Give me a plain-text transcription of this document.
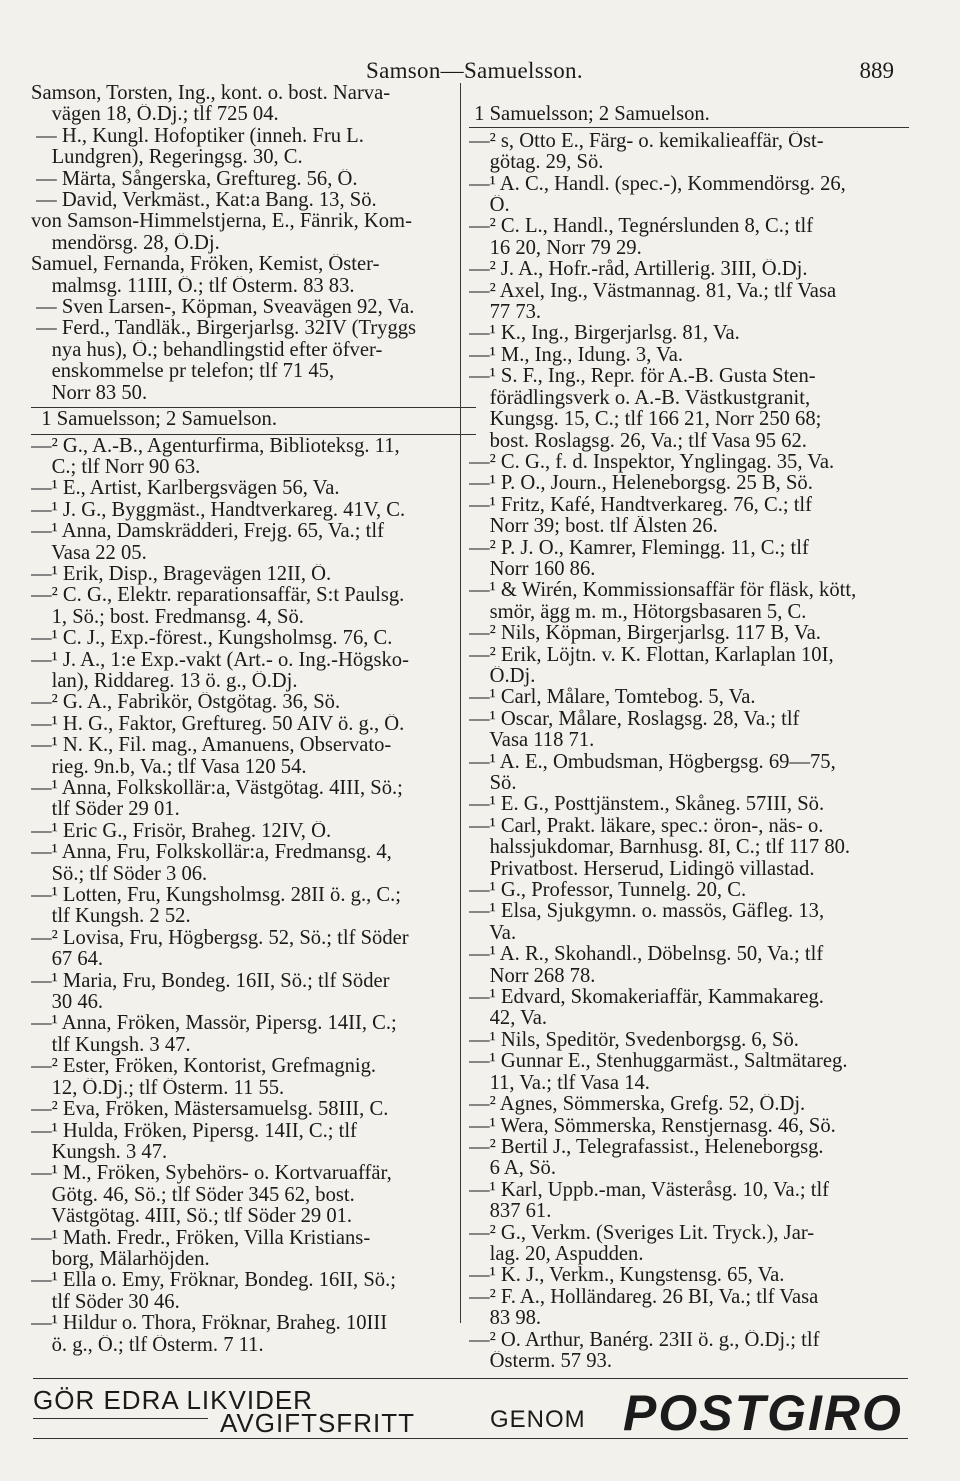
Samson—Samuelsson.	889
Samson, Torsten, Ing., kont. o. bost. Narva-
vägen 18, Ö.Dj.; tlf 725 04.
— H., Kungl. Hofoptiker (inneh. Fru L.
Lundgren), Regeringsg. 30, C.
— Märta, Sångerska, Greftureg. 56, Ö.
— David, Verkmäst., Kat:a Bang. 13, Sö.
von Samson-Himmelstjerna, E., Fänrik, Kom-
mendörsg. 28, Ö.Dj.
Samuel, Fernanda, Fröken, Kemist, Öster-
malmsg. 11III, Ö.; tlf Österm. 83 83.
— Sven Larsen-, Köpman, Sveavägen 92, Va.
— Ferd., Tandläk., Birgerjarlsg. 32IV (Tryggs
nya hus), Ö.; behandlingstid efter öfver-
enskommelse pr telefon; tlf 71 45,
Norr 83 50.
1 Samuelsson; 2 Samuelson.
—² G., A.-B., Agenturfirma, Biblioteksg. 11,
C.; tlf Norr 90 63.
—¹ E., Artist, Karlbergsvägen 56, Va.
—¹ J. G., Byggmäst., Handtverkareg. 41V, C.
—¹ Anna, Damskrädderi, Frejg. 65, Va.; tlf
Vasa 22 05.
—¹ Erik, Disp., Bragevägen 12II, Ö.
—² C. G., Elektr. reparationsaffär, S:t Paulsg.
1, Sö.; bost. Fredmansg. 4, Sö.
—¹ C. J., Exp.-förest., Kungsholmsg. 76, C.
—¹ J. A., 1:e Exp.-vakt (Art.- o. Ing.-Högsko-
lan), Riddareg. 13 ö. g., Ö.Dj.
—² G. A., Fabrikör, Östgötag. 36, Sö.
—¹ H. G., Faktor, Greftureg. 50 AIV ö. g., Ö.
—¹ N. K., Fil. mag., Amanuens, Observato-
rieg. 9n.b, Va.; tlf Vasa 120 54.
—¹ Anna, Folkskollär:a, Västgötag. 4III, Sö.;
tlf Söder 29 01.
—¹ Eric G., Frisör, Braheg. 12IV, Ö.
—¹ Anna, Fru, Folkskollär:a, Fredmansg. 4,
Sö.; tlf Söder 3 06.
—¹ Lotten, Fru, Kungsholmsg. 28II ö. g., C.;
tlf Kungsh. 2 52.
—² Lovisa, Fru, Högbergsg. 52, Sö.; tlf Söder
67 64.
—¹ Maria, Fru, Bondeg. 16II, Sö.; tlf Söder
30 46.
—¹ Anna, Fröken, Massör, Pipersg. 14II, C.;
tlf Kungsh. 3 47.
—² Ester, Fröken, Kontorist, Grefmagnig.
12, Ö.Dj.; tlf Österm. 11 55.
—² Eva, Fröken, Mästersamuelsg. 58III, C.
—¹ Hulda, Fröken, Pipersg. 14II, C.; tlf
Kungsh. 3 47.
—¹ M., Fröken, Sybehörs- o. Kortvaruaffär,
Götg. 46, Sö.; tlf Söder 345 62, bost.
Västgötag. 4III, Sö.; tlf Söder 29 01.
—¹ Math. Fredr., Fröken, Villa Kristians-
borg, Mälarhöjden.
—¹ Ella o. Emy, Fröknar, Bondeg. 16II, Sö.;
tlf Söder 30 46.
—¹ Hildur o. Thora, Fröknar, Braheg. 10III
ö. g., Ö.; tlf Österm. 7 11.

1 Samuelsson; 2 Samuelson.
—² s, Otto E., Färg- o. kemikalieaffär, Öst-
götag. 29, Sö.
—¹ A. C., Handl. (spec.-), Kommendörsg. 26,
Ö.
—² C. L., Handl., Tegnérslunden 8, C.; tlf
16 20, Norr 79 29.
—² J. A., Hofr.-råd, Artillerig. 3III, Ö.Dj.
—² Axel, Ing., Västmannag. 81, Va.; tlf Vasa
77 73.
—¹ K., Ing., Birgerjarlsg. 81, Va.
—¹ M., Ing., Idung. 3, Va.
—¹ S. F., Ing., Repr. för A.-B. Gusta Sten-
förädlingsverk o. A.-B. Västkustgranit,
Kungsg. 15, C.; tlf 166 21, Norr 250 68;
bost. Roslagsg. 26, Va.; tlf Vasa 95 62.
—² C. G., f. d. Inspektor, Ynglingag. 35, Va.
—¹ P. O., Journ., Heleneborgsg. 25 B, Sö.
—¹ Fritz, Kafé, Handtverkareg. 76, C.; tlf
Norr 39; bost. tlf Älsten 26.
—² P. J. O., Kamrer, Flemingg. 11, C.; tlf
Norr 160 86.
—¹ & Wirén, Kommissionsaffär för fläsk, kött,
smör, ägg m. m., Hötorgsbasaren 5, C.
—² Nils, Köpman, Birgerjarlsg. 117 B, Va.
—² Erik, Löjtn. v. K. Flottan, Karlaplan 10I,
Ö.Dj.
—¹ Carl, Målare, Tomtebog. 5, Va.
—¹ Oscar, Målare, Roslagsg. 28, Va.; tlf
Vasa 118 71.
—¹ A. E., Ombudsman, Högbergsg. 69—75,
Sö.
—¹ E. G., Posttjänstem., Skåneg. 57III, Sö.
—¹ Carl, Prakt. läkare, spec.: öron-, näs- o.
halssjukdomar, Barnhusg. 8I, C.; tlf 117 80.
Privatbost. Herserud, Lidingö villastad.
—¹ G., Professor, Tunnelg. 20, C.
—¹ Elsa, Sjukgymn. o. massös, Gäfleg. 13,
Va.
—¹ A. R., Skohandl., Döbelnsg. 50, Va.; tlf
Norr 268 78.
—¹ Edvard, Skomakeriaffär, Kammakareg.
42, Va.
—¹ Nils, Speditör, Svedenborgsg. 6, Sö.
—¹ Gunnar E., Stenhuggarmäst., Saltmätareg.
11, Va.; tlf Vasa 14.
—² Agnes, Sömmerska, Grefg. 52, Ö.Dj.
—¹ Wera, Sömmerska, Renstjernasg. 46, Sö.
—² Bertil J., Telegrafassist., Heleneborgsg.
6 A, Sö.
—¹ Karl, Uppb.-man, Västeråsg. 10, Va.; tlf
837 61.
—² G., Verkm. (Sveriges Lit. Tryck.), Jar-
lag. 20, Aspudden.
—¹ K. J., Verkm., Kungstensg. 65, Va.
—² F. A., Holländareg. 26 BI, Va.; tlf Vasa
83 98.
—² O. Arthur, Banérg. 23II ö. g., Ö.Dj.; tlf
Österm. 57 93.
GÖR EDRA LIKVIDER
AVGIFTSFRITT	GENOM POSTGIRO
